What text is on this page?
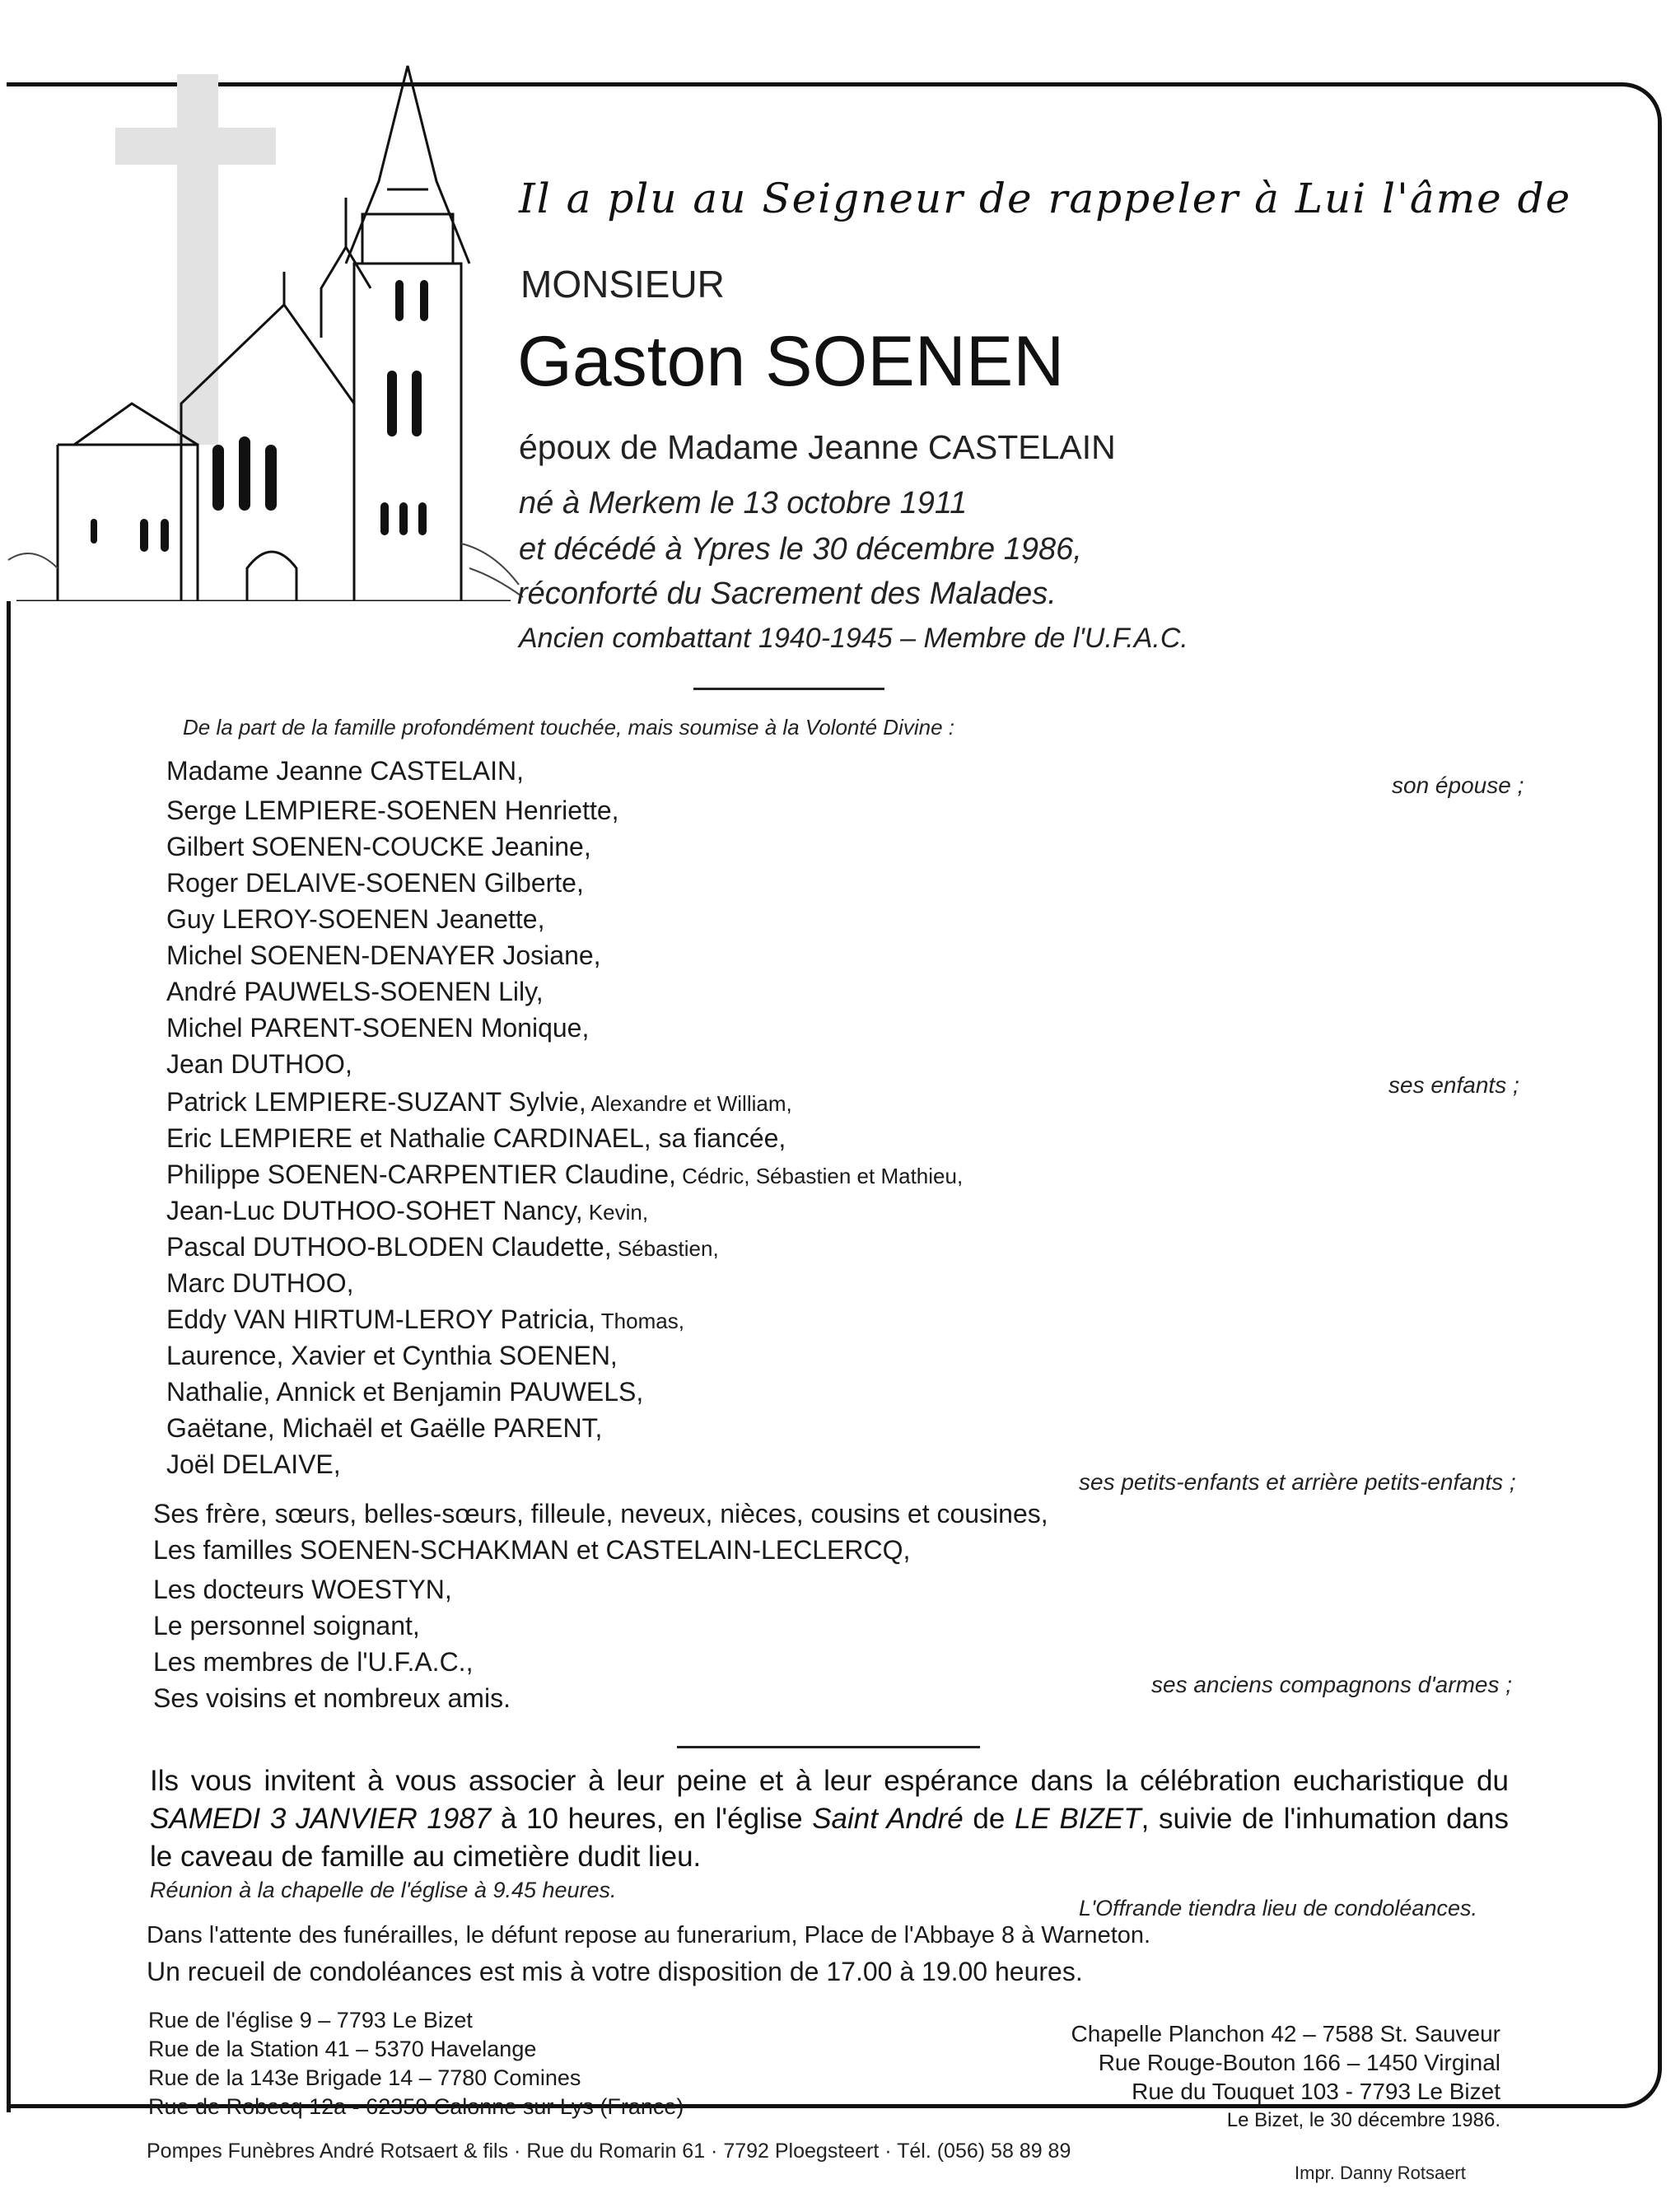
Il a plu au Seigneur de rappeler à Lui l'âme de
MONSIEUR
Gaston SOENEN
époux de Madame Jeanne CASTELAIN
né à Merkem le 13 octobre 1911
et décédé à Ypres le 30 décembre 1986,
réconforté du Sacrement des Malades.
Ancien combattant 1940-1945 – Membre de l'U.F.A.C.
De la part de la famille profondément touchée, mais soumise à la Volonté Divine :
Madame Jeanne CASTELAIN,	son épouse ;
Serge LEMPIERE-SOENEN Henriette,
Gilbert SOENEN-COUCKE Jeanine,
Roger DELAIVE-SOENEN Gilberte,
Guy LEROY-SOENEN Jeanette,
Michel SOENEN-DENAYER Josiane,
André PAUWELS-SOENEN Lily,
Michel PARENT-SOENEN Monique,
Jean DUTHOO,
ses enfants ;
Patrick LEMPIERE-SUZANT Sylvie, Alexandre et William,
Eric LEMPIERE et Nathalie CARDINAEL, sa fiancée,
Philippe SOENEN-CARPENTIER Claudine, Cédric, Sébastien et Mathieu,
Jean-Luc DUTHOO-SOHET Nancy, Kevin,
Pascal DUTHOO-BLODEN Claudette, Sébastien,
Marc DUTHOO,
Eddy VAN HIRTUM-LEROY Patricia, Thomas,
Laurence, Xavier et Cynthia SOENEN,
Nathalie, Annick et Benjamin PAUWELS,
Gaëtane, Michaël et Gaëlle PARENT,
Joël DELAIVE,
ses petits-enfants et arrière petits-enfants ;
Ses frère, sœurs, belles-sœurs, filleule, neveux, nièces, cousins et cousines,
Les familles SOENEN-SCHAKMAN et CASTELAIN-LECLERCQ,
Les docteurs WOESTYN,
Le personnel soignant,
Les membres de l'U.F.A.C.,
Ses voisins et nombreux amis.	ses anciens compagnons d'armes ;
Ils vous invitent à vous associer à leur peine et à leur espérance dans la célébration eucharistique du SAMEDI 3 JANVIER 1987 à 10 heures, en l'église Saint André de LE BIZET, suivie de l'inhumation dans le caveau de famille au cimetière dudit lieu.
Réunion à la chapelle de l'église à 9.45 heures.
L'Offrande tiendra lieu de condoléances.
Dans l'attente des funérailles, le défunt repose au funerarium, Place de l'Abbaye 8 à Warneton.
Un recueil de condoléances est mis à votre disposition de 17.00 à 19.00 heures.
Rue de l'église 9 – 7793 Le Bizet
Rue de la Station 41 – 5370 Havelange
Rue de la 143e Brigade 14 – 7780 Comines
Rue de Robecq 12a - 62350 Calonne sur Lys (France)
Chapelle Planchon 42 – 7588 St. Sauveur
Rue Rouge-Bouton 166 – 1450 Virginal
Rue du Touquet 103 - 7793 Le Bizet
Le Bizet, le 30 décembre 1986.
Pompes Funèbres André Rotsaert & fils · Rue du Romarin 61 · 7792 Ploegsteert · Tél. (056) 58 89 89
Impr. Danny Rotsaert
